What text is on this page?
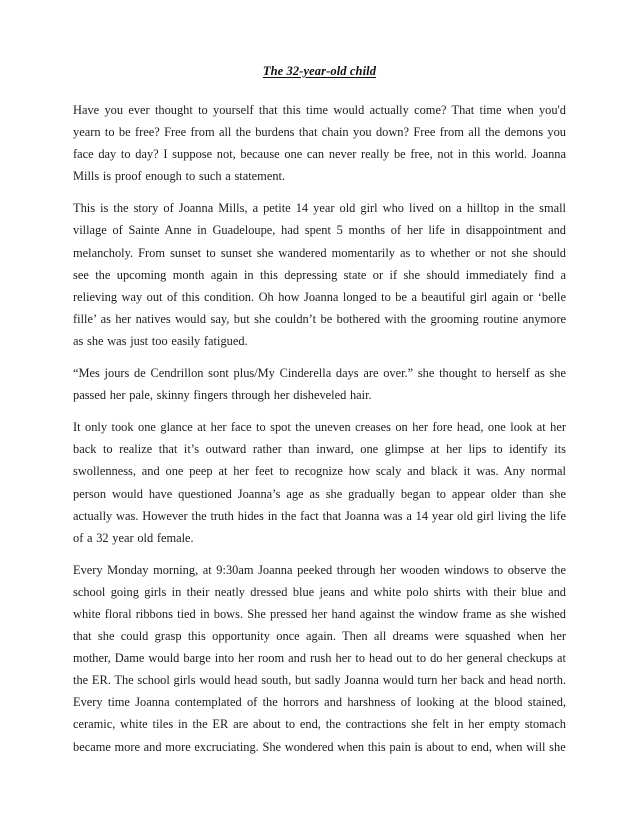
The 32-year-old child

Have you ever thought to yourself that this time would actually come? That time when you'd yearn to be free? Free from all the burdens that chain you down? Free from all the demons you face day to day? I suppose not, because one can never really be free, not in this world. Joanna Mills is proof enough to such a statement.

This is the story of Joanna Mills, a petite 14 year old girl who lived on a hilltop in the small village of Sainte Anne in Guadeloupe, had spent 5 months of her life in disappointment and melancholy. From sunset to sunset she wandered momentarily as to whether or not she should see the upcoming month again in this depressing state or if she should immediately find a relieving way out of this condition. Oh how Joanna longed to be a beautiful girl again or ‘belle fille’ as her natives would say, but she couldn’t be bothered with the grooming routine anymore as she was just too easily fatigued.

“Mes jours de Cendrillon sont plus/My Cinderella days are over.” she thought to herself as she passed her pale, skinny fingers through her disheveled hair.

It only took one glance at her face to spot the uneven creases on her fore head, one look at her back to realize that it’s outward rather than inward, one glimpse at her lips to identify its swollenness, and one peep at her feet to recognize how scaly and black it was. Any normal person would have questioned Joanna’s age as she gradually began to appear older than she actually was. However the truth hides in the fact that Joanna was a 14 year old girl living the life of a 32 year old female.

Every Monday morning, at 9:30am Joanna peeked through her wooden windows to observe the school going girls in their neatly dressed blue jeans and white polo shirts with their blue and white floral ribbons tied in bows. She pressed her hand against the window frame as she wished that she could grasp this opportunity once again. Then all dreams were squashed when her mother, Dame would barge into her room and rush her to head out to do her general checkups at the ER. The school girls would head south, but sadly Joanna would turn her back and head north. Every time Joanna contemplated of the horrors and harshness of looking at the blood stained, ceramic, white tiles in the ER are about to end, the contractions she felt in her empty stomach became more and more excruciating. She wondered when this pain is about to end, when will she
